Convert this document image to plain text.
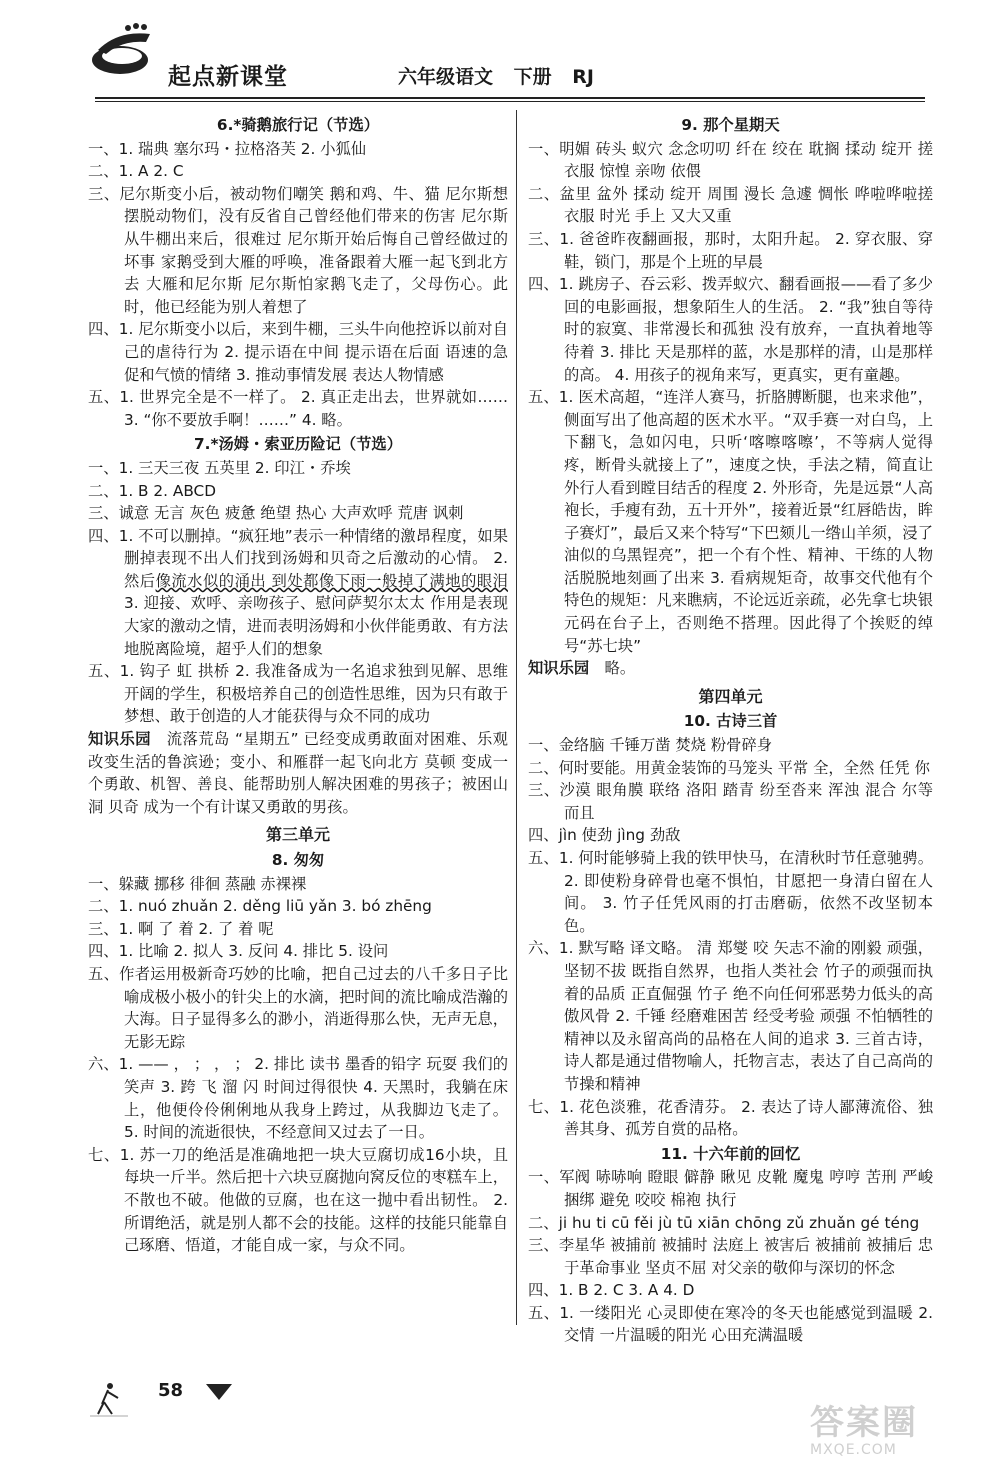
起点新课堂	六年级语文 下册 RJ
6.*骑鹅旅行记（节选）

一、1. 瑞典 塞尔玛・拉格洛芙 2. 小狐仙

二、1. A 2. C

三、尼尔斯变小后，被动物们嘲笑 鹅和鸡、牛、猫 尼尔斯想摆脱动物们，没有反省自己曾经他们带来的伤害 尼尔斯从牛棚出来后，很难过 尼尔斯开始后悔自己曾经做过的坏事 家鹅受到大雁的呼唤，准备跟着大雁一起飞到北方去 大雁和尼尔斯 尼尔斯怕家鹅飞走了，父母伤心。此时，他已经能为别人着想了

四、1. 尼尔斯变小以后，来到牛棚，三头牛向他控诉以前对自己的虐待行为 2. 提示语在中间 提示语在后面 语速的急促和气愤的情绪 3. 推动事情发展 表达人物情感

五、1. 世界完全是不一样了。 2. 真正走出去，世界就如…… 3. “你不要放手啊！……” 4. 略。

7.*汤姆・索亚历险记（节选）

一、1. 三天三夜 五英里 2. 印江・乔埃

二、1. B 2. ABCD

三、诚意 无言 灰色 疲惫 绝望 热心 大声欢呼 荒唐 讽刺

四、1. 不可以删掉。“疯狂地”表示一种情绪的激昂程度，如果删掉表现不出人们找到汤姆和贝奇之后激动的心情。 2. 然后像流水似的涌出 到处都像下雨一般掉了满地的眼泪 3. 迎接、欢呼、亲吻孩子、慰问萨契尔太太 作用是表现大家的激动之情，进而表明汤姆和小伙伴能勇敢、有方法地脱离险境，超乎人们的想象

五、1. 钩子 虹 拱桥 2. 我准备成为一名追求独到见解、思维开阔的学生，积极培养自己的创造性思维，因为只有敢于梦想、敢于创造的人才能获得与众不同的成功

知识乐园　 流落荒岛 “星期五” 已经变成勇敢面对困难、乐观改变生活的鲁滨逊；变小、和雁群一起飞向北方 莫顿 变成一个勇敢、机智、善良、能帮助别人解决困难的男孩子；被困山洞 贝奇 成为一个有计谋又勇敢的男孩。

第三单元
8. 匆匆

一、躲藏 挪移 徘徊 蒸融 赤裸裸

二、1. nuó zhuǎn 2. děng liū yǎn 3. bó zhēng

三、1. 啊 了 着 2. 了 着 呢

四、1. 比喻 2. 拟人 3. 反问 4. 排比 5. 设问

五、作者运用极新奇巧妙的比喻，把自己过去的八千多日子比喻成极小极小的针尖上的水滴，把时间的流比喻成浩瀚的大海。日子显得多么的渺小，消逝得那么快，无声无息，无影无踪

六、1. —— ， ； ， ； 2. 排比 读书 墨香的铅字 玩耍 我们的笑声 3. 跨 飞 溜 闪 时间过得很快 4. 天黑时，我躺在床上，他便伶伶俐俐地从我身上跨过，从我脚边飞走了。 5. 时间的流逝很快，不经意间又过去了一日。

七、1. 苏一刀的绝活是准确地把一块大豆腐切成16小块，且每块一斤半。然后把十六块豆腐抛向窝反位的枣糕车上，不散也不破。他做的豆腐，也在这一抛中看出韧性。 2. 所谓绝活，就是别人都不会的技能。这样的技能只能靠自己琢磨、悟道，才能自成一家，与众不同。

9. 那个星期天

一、明媚 砖头 蚁穴 念念叨叨 纤在 绞在 耽搁 揉动 绽开 搓衣服 惊惶 亲吻 依偎

二、盆里 盆外 揉动 绽开 周围 漫长 急遽 惆怅 哗啦哗啦搓衣服 时光 手上 又大又重

三、1. 爸爸昨夜翻画报，那时，太阳升起。 2. 穿衣服、穿鞋，锁门，那是个上班的早晨

四、1. 跳房子、吞云彩、拨弄蚁穴、翻看画报——看了多少回的电影画报，想象陌生人的生活。 2. “我”独自等待时的寂寞、非常漫长和孤独 没有放弃，一直执着地等待着 3. 排比 天是那样的蓝，水是那样的清，山是那样的高。 4. 用孩子的视角来写，更真实，更有童趣。

五、1. 医术高超，“连洋人赛马，折胳膊断腿，也来求他”，侧面写出了他高超的医术水平。“双手赛一对白鸟，上下翻飞，急如闪电，只听‘喀嚓喀嚓’，不等病人觉得疼，断骨头就接上了”，速度之快，手法之精，简直让外行人看到瞠目结舌的程度 2. 外形奇，先是远景“人高袍长，手瘦有劲，五十开外”，接着近景“红唇皓齿，眸子赛灯”，最后又来个特写“下巴颏儿一绺山羊须，浸了油似的乌黑锃亮”，把一个有个性、精神、干练的人物活脱脱地刻画了出来 3. 看病规矩奇，故事交代他有个特色的规矩：凡来瞧病，不论远近亲疏，必先拿七块银元码在台子上，否则绝不搭理。因此得了个挨贬的绰号“苏七块”

知识乐园　 略。

第四单元
10. 古诗三首

一、金络脑 千锤万凿 焚烧 粉骨碎身

二、何时要能。用黄金装饰的马笼头 平常 全，全然 任凭 你

三、沙漠 眼角膜 联络 洛阳 踏青 纷至沓来 浑浊 混合 尔等 而且

四、jìn 使劲 jìng 劲敌

五、1. 何时能够骑上我的铁甲快马，在清秋时节任意驰骋。 2. 即使粉身碎骨也毫不惧怕，甘愿把一身清白留在人间。 3. 竹子任凭风雨的打击磨砺，依然不改坚韧本色。

六、1. 默写略 译文略。 清 郑燮 咬 矢志不渝的刚毅 顽强，坚韧不拔 既指自然界，也指人类社会 竹子的顽强而执着的品质 正直倔强 竹子 绝不向任何邪恶势力低头的高傲风骨 2. 千锤 经磨难困苦 经受考验 顽强 不怕牺牲的精神以及永留高尚的品格在人间的追求 3. 三首古诗，诗人都是通过借物喻人，托物言志，表达了自己高尚的节操和精神

七、1. 花色淡雅，花香清芬。 2. 表达了诗人鄙薄流俗、独善其身、孤芳自赏的品格。

11. 十六年前的回忆

一、军阀 哧哧响 瞪眼 僻静 瞅见 皮靴 魔鬼 哼哼 苦刑 严峻 捆绑 避免 咬咬 棉袍 执行

二、ji hu ti cū fěi jù tū xiān chōng zǔ zhuǎn gé téng

三、李星华 被捕前 被捕时 法庭上 被害后 被捕前 被捕后 忠于革命事业 坚贞不屈 对父亲的敬仰与深切的怀念

四、1. B 2. C 3. A 4. D

五、1. 一缕阳光 心灵即使在寒冷的冬天也能感觉到温暖 2. 交情 一片温暖的阳光 心田充满温暖

58
答案圈
MXQE.COM
